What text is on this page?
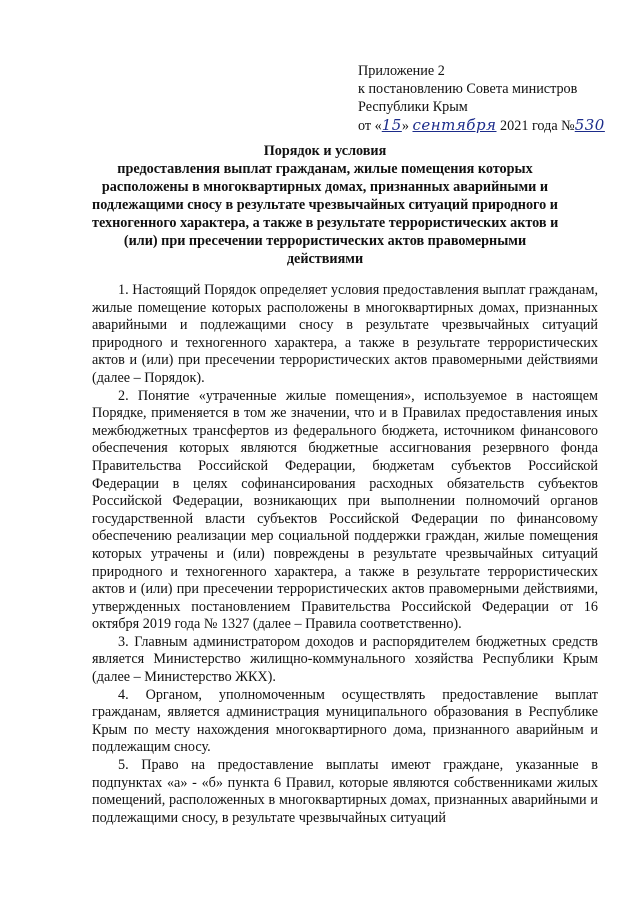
Приложение 2
к постановлению Совета министров
Республики Крым
от «15» сентября 2021 года №530
Порядок и условия
предоставления выплат гражданам, жилые помещения которых
расположены в многоквартирных домах, признанных аварийными и
подлежащими сносу в результате чрезвычайных ситуаций природного и
техногенного характера, а также в результате террористических актов и
(или) при пресечении террористических актов правомерными
действиями

1. Настоящий Порядок определяет условия предоставления выплат гражданам, жилые помещение которых расположены в многоквартирных домах, признанных аварийными и подлежащими сносу в результате чрезвычайных ситуаций природного и техногенного характера, а также в результате террористических актов и (или) при пресечении террористических актов правомерными действиями (далее – Порядок).

2. Понятие «утраченные жилые помещения», используемое в настоящем Порядке, применяется в том же значении, что и в Правилах предоставления иных межбюджетных трансфертов из федерального бюджета, источником финансового обеспечения которых являются бюджетные ассигнования резервного фонда Правительства Российской Федерации, бюджетам субъектов Российской Федерации в целях софинансирования расходных обязательств субъектов Российской Федерации, возникающих при выполнении полномочий органов государственной власти субъектов Российской Федерации по финансовому обеспечению реализации мер социальной поддержки граждан, жилые помещения которых утрачены и (или) повреждены в результате чрезвычайных ситуаций природного и техногенного характера, а также в результате террористических актов и (или) при пресечении террористических актов правомерными действиями, утвержденных постановлением Правительства Российской Федерации от 16 октября 2019 года № 1327 (далее – Правила соответственно).

3. Главным администратором доходов и распорядителем бюджетных средств является Министерство жилищно-коммунального хозяйства Республики Крым (далее – Министерство ЖКХ).

4. Органом, уполномоченным осуществлять предоставление выплат гражданам, является администрация муниципального образования в Республике Крым по месту нахождения многоквартирного дома, признанного аварийным и подлежащим сносу.

5. Право на предоставление выплаты имеют граждане, указанные в подпунктах «а» - «б» пункта 6 Правил, которые являются собственниками жилых помещений, расположенных в многоквартирных домах, признанных аварийными и подлежащими сносу, в результате чрезвычайных ситуаций
